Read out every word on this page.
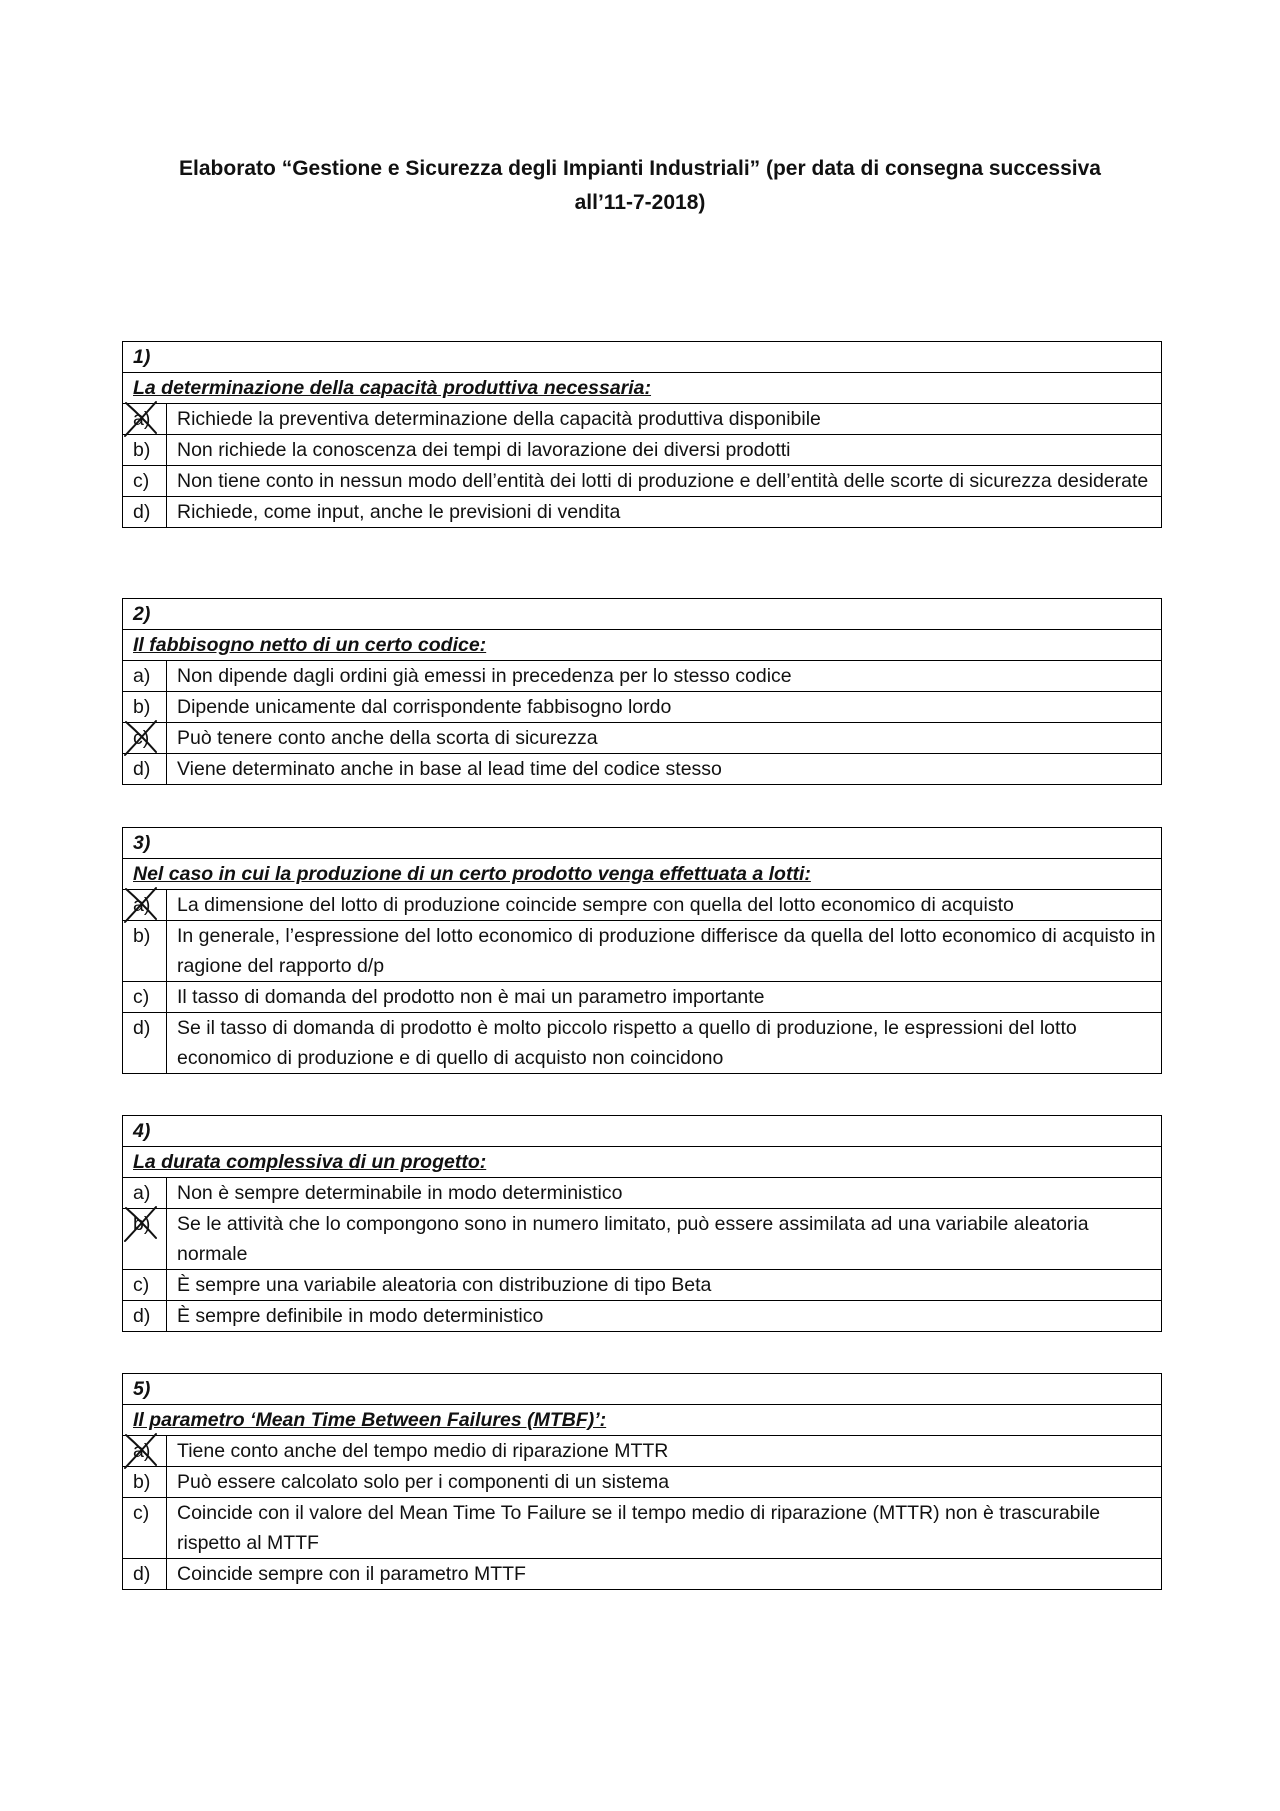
Elaborato “Gestione e Sicurezza degli Impianti Industriali” (per data di consegna successiva
all’11-7-2018)
1)	
La determinazione della capacità produttiva necessaria:	
a)	Richiede la preventiva determinazione della capacità produttiva disponibile
b)	Non richiede la conoscenza dei tempi di lavorazione dei diversi prodotti
c)	Non tiene conto in nessun modo dell’entità dei lotti di produzione e dell’entità delle scorte di sicurezza desiderate
d)	Richiede, come input, anche le previsioni di vendita
2)	
Il fabbisogno netto di un certo codice:	
a)	Non dipende dagli ordini già emessi in precedenza per lo stesso codice
b)	Dipende unicamente dal corrispondente fabbisogno lordo
c)	Può tenere conto anche della scorta di sicurezza
d)	Viene determinato anche in base al lead time del codice stesso
3)	
Nel caso in cui la produzione di un certo prodotto venga effettuata a lotti:	
a)	La dimensione del lotto di produzione coincide sempre con quella del lotto economico di acquisto
b)	In generale, l’espressione del lotto economico di produzione differisce da quella del lotto economico di acquisto in ragione del rapporto d/p
c)	Il tasso di domanda del prodotto non è mai un parametro importante
d)	Se il tasso di domanda di prodotto è molto piccolo rispetto a quello di produzione, le espressioni del lotto economico di produzione e di quello di acquisto non coincidono
4)	
La durata complessiva di un progetto:	
a)	Non è sempre determinabile in modo deterministico
b)	Se le attività che lo compongono sono in numero limitato, può essere assimilata ad una variabile aleatoria normale
c)	È sempre una variabile aleatoria con distribuzione di tipo Beta
d)	È sempre definibile in modo deterministico
5)	
Il parametro ‘Mean Time Between Failures (MTBF)’:	
a)	Tiene conto anche del tempo medio di riparazione MTTR
b)	Può essere calcolato solo per i componenti di un sistema
c)	Coincide con il valore del Mean Time To Failure se il tempo medio di riparazione (MTTR) non è trascurabile rispetto al MTTF
d)	Coincide sempre con il parametro MTTF
